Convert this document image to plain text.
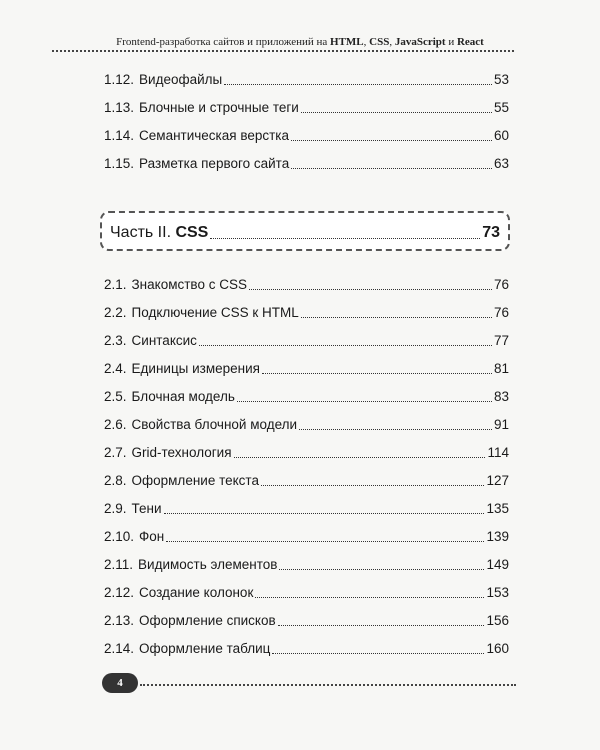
Frontend-разработка сайтов и приложений на HTML, CSS, JavaScript и React
1.12. Видеофайлы	53
1.13. Блочные и строчные теги	55
1.14. Семантическая верстка	60
1.15. Разметка первого сайта	63
Часть II. CSS	73
2.1. Знакомство с CSS	76
2.2. Подключение CSS к HTML	76
2.3. Синтаксис	77
2.4. Единицы измерения	81
2.5. Блочная модель	83
2.6. Свойства блочной модели	91
2.7. Grid-технология	114
2.8. Оформление текста	127
2.9. Тени	135
2.10. Фон	139
2.11. Видимость элементов	149
2.12. Создание колонок	153
2.13. Оформление списков	156
2.14. Оформление таблиц	160
4
